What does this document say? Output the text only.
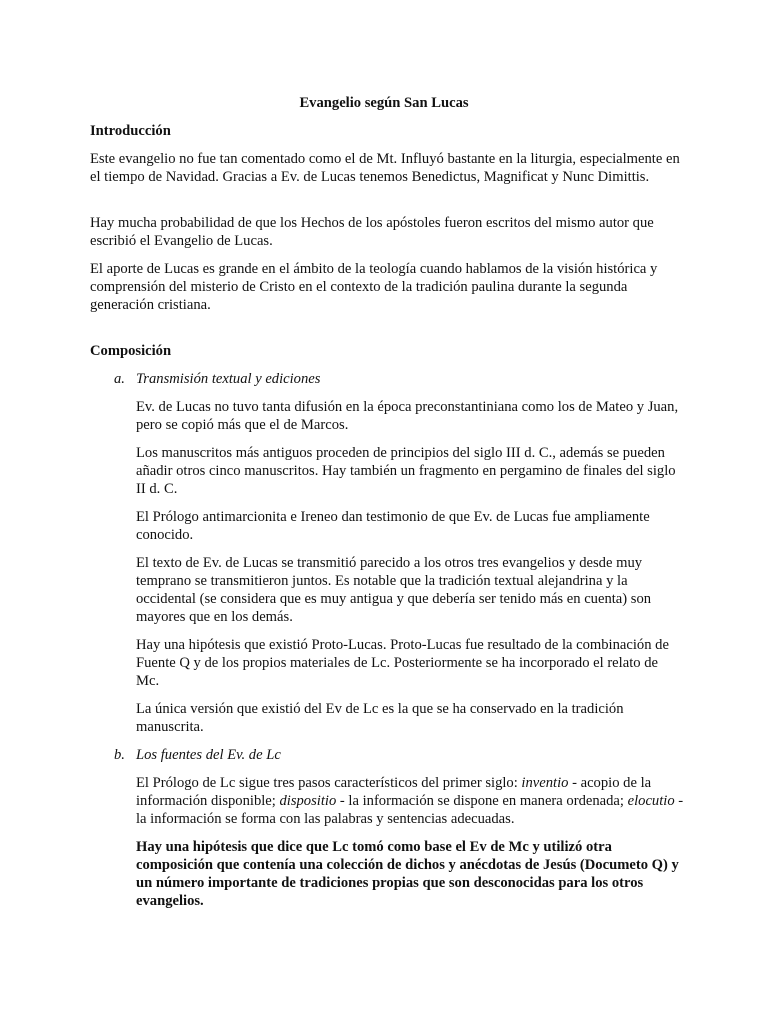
Evangelio según San Lucas
Introducción

Este evangelio no fue tan comentado como el de Mt. Influyó bastante en la liturgia, especialmente en el tiempo de Navidad. Gracias a Ev. de Lucas tenemos Benedictus, Magnificat y Nunc Dimittis.

Hay mucha probabilidad de que los Hechos de los apóstoles fueron escritos del mismo autor que escribió el Evangelio de Lucas.

El aporte de Lucas es grande en el ámbito de la teología cuando hablamos de la visión histórica y comprensión del misterio de Cristo en el contexto de la tradición paulina durante la segunda generación cristiana.

Composición
a. Transmisión textual y ediciones

Ev. de Lucas no tuvo tanta difusión en la época preconstantiniana como los de Mateo y Juan, pero se copió más que el de Marcos.

Los manuscritos más antiguos proceden de principios del siglo III d. C., además se pueden añadir otros cinco manuscritos. Hay también un fragmento en pergamino de finales del siglo II d. C.

El Prólogo antimarcionita e Ireneo dan testimonio de que Ev. de Lucas fue ampliamente conocido.

El texto de Ev. de Lucas se transmitió parecido a los otros tres evangelios y desde muy temprano se transmitieron juntos. Es notable que la tradición textual alejandrina y la occidental (se considera que es muy antigua y que debería ser tenido más en cuenta) son mayores que en los demás.

Hay una hipótesis que existió Proto-Lucas. Proto-Lucas fue resultado de la combinación de Fuente Q y de los propios materiales de Lc. Posteriormente se ha incorporado el relato de Mc.

La única versión que existió del Ev de Lc es la que se ha conservado en la tradición manuscrita.

b. Los fuentes del Ev. de Lc

El Prólogo de Lc sigue tres pasos característicos del primer siglo: inventio - acopio de la información disponible; dispositio - la información se dispone en manera ordenada; elocutio - la información se forma con las palabras y sentencias adecuadas.

Hay una hipótesis que dice que Lc tomó como base el Ev de Mc y utilizó otra composición que contenía una colección de dichos y anécdotas de Jesús (Documeto Q) y un número importante de tradiciones propias que son desconocidas para los otros evangelios.
